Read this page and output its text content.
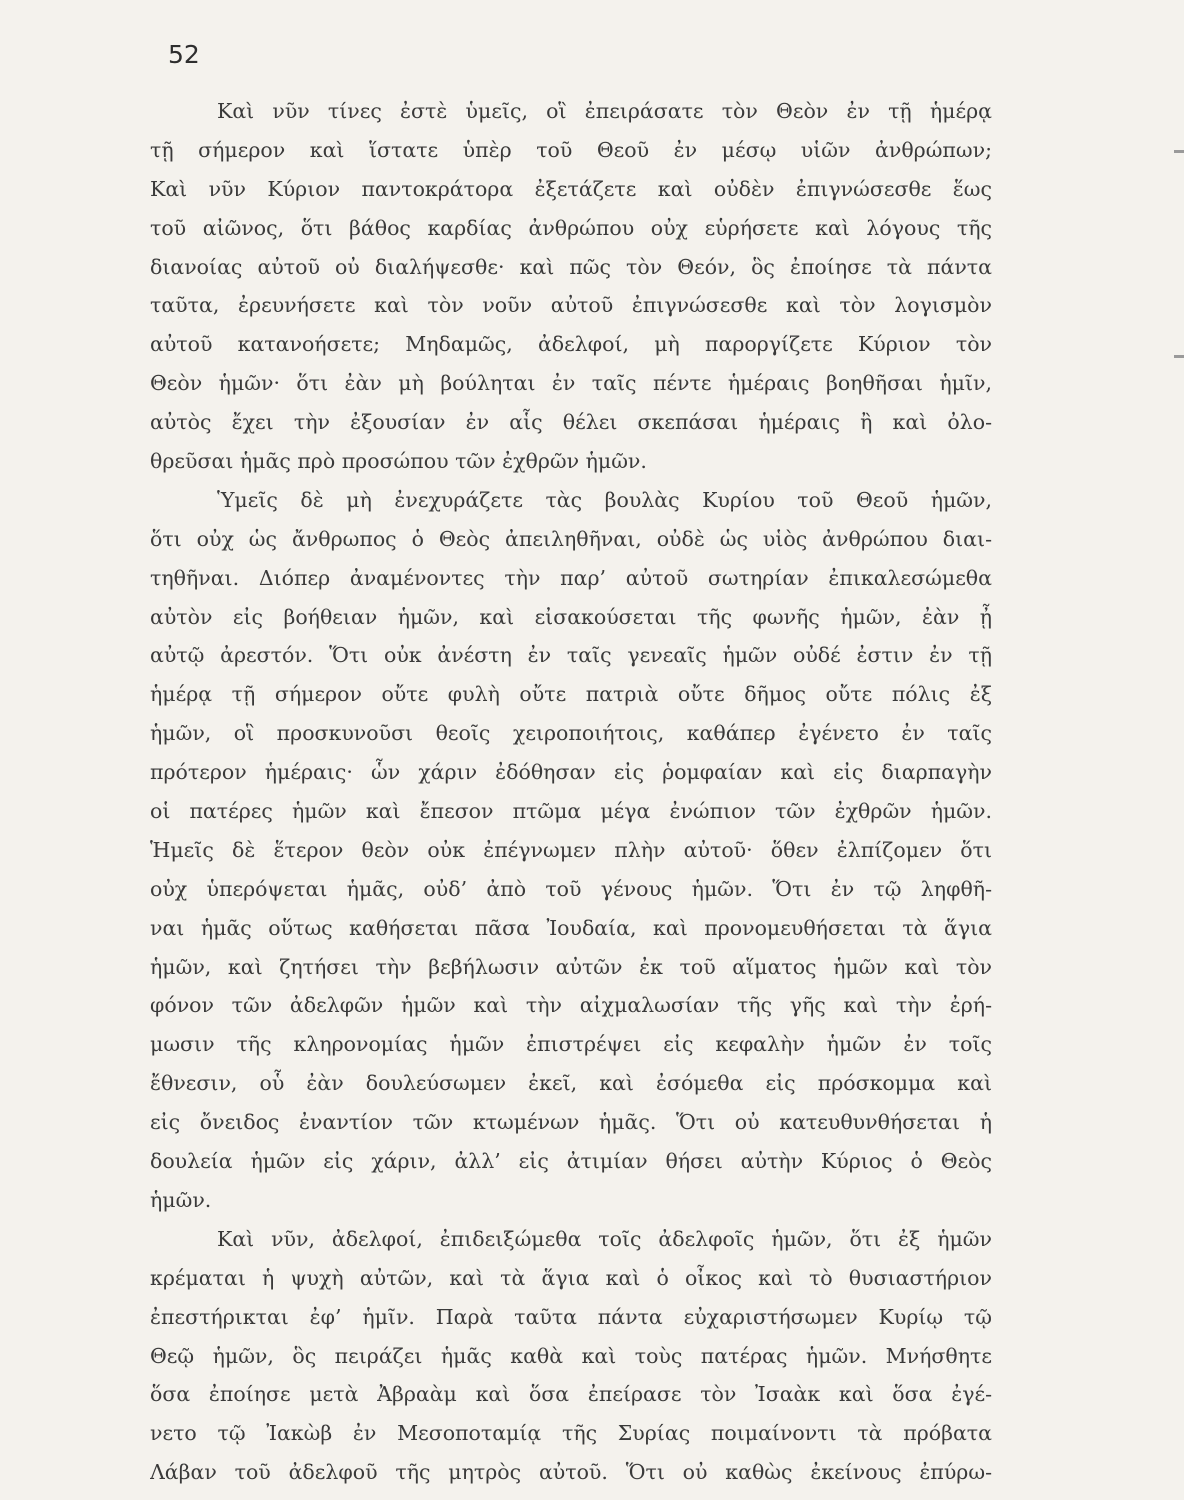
52
Καὶ νῦν τίνες ἐστὲ ὑμεῖς, οἳ ἐπειράσατε τὸν Θεὸν ἐν τῇ ἡμέρᾳ
τῇ σήμερον καὶ ἵστατε ὑπὲρ τοῦ Θεοῦ ἐν μέσῳ υἱῶν ἀνθρώπων;
Καὶ νῦν Κύριον παντοκράτορα ἐξετάζετε καὶ οὐδὲν ἐπιγνώσεσθε ἕως
τοῦ αἰῶνος, ὅτι βάθος καρδίας ἀνθρώπου οὐχ εὑρήσετε καὶ λόγους τῆς
διανοίας αὐτοῦ οὐ διαλήψεσθε· καὶ πῶς τὸν Θεόν, ὃς ἐποίησε τὰ πάντα
ταῦτα, ἐρευνήσετε καὶ τὸν νοῦν αὐτοῦ ἐπιγνώσεσθε καὶ τὸν λογισμὸν
αὐτοῦ κατανοήσετε; Μηδαμῶς, ἀδελφοί, μὴ παροργίζετε Κύριον τὸν
Θεὸν ἡμῶν· ὅτι ἐὰν μὴ βούληται ἐν ταῖς πέντε ἡμέραις βοηθῆσαι ἡμῖν,
αὐτὸς ἔχει τὴν ἐξουσίαν ἐν αἷς θέλει σκεπάσαι ἡμέραις ἢ καὶ ὀλο-
θρεῦσαι ἡμᾶς πρὸ προσώπου τῶν ἐχθρῶν ἡμῶν.
Ὑμεῖς δὲ μὴ ἐνεχυράζετε τὰς βουλὰς Κυρίου τοῦ Θεοῦ ἡμῶν,
ὅτι οὐχ ὡς ἄνθρωπος ὁ Θεὸς ἀπειληθῆναι, οὐδὲ ὡς υἱὸς ἀνθρώπου διαι-
τηθῆναι. Διόπερ ἀναμένοντες τὴν παρ’ αὐτοῦ σωτηρίαν ἐπικαλεσώμεθα
αὐτὸν εἰς βοήθειαν ἡμῶν, καὶ εἰσακούσεται τῆς φωνῆς ἡμῶν, ἐὰν ᾖ
αὐτῷ ἀρεστόν. Ὅτι οὐκ ἀνέστη ἐν ταῖς γενεαῖς ἡμῶν οὐδέ ἐστιν ἐν τῇ
ἡμέρᾳ τῇ σήμερον οὔτε φυλὴ οὔτε πατριὰ οὔτε δῆμος οὔτε πόλις ἐξ
ἡμῶν, οἳ προσκυνοῦσι θεοῖς χειροποιήτοις, καθάπερ ἐγένετο ἐν ταῖς
πρότερον ἡμέραις· ὧν χάριν ἐδόθησαν εἰς ῥομφαίαν καὶ εἰς διαρπαγὴν
οἱ πατέρες ἡμῶν καὶ ἔπεσον πτῶμα μέγα ἐνώπιον τῶν ἐχθρῶν ἡμῶν.
Ἡμεῖς δὲ ἕτερον θεὸν οὐκ ἐπέγνωμεν πλὴν αὐτοῦ· ὅθεν ἐλπίζομεν ὅτι
οὐχ ὑπερόψεται ἡμᾶς, οὐδ’ ἀπὸ τοῦ γένους ἡμῶν. Ὅτι ἐν τῷ ληφθῆ-
ναι ἡμᾶς οὕτως καθήσεται πᾶσα Ἰουδαία, καὶ προνομευθήσεται τὰ ἅγια
ἡμῶν, καὶ ζητήσει τὴν βεβήλωσιν αὐτῶν ἐκ τοῦ αἵματος ἡμῶν καὶ τὸν
φόνον τῶν ἀδελφῶν ἡμῶν καὶ τὴν αἰχμαλωσίαν τῆς γῆς καὶ τὴν ἐρή-
μωσιν τῆς κληρονομίας ἡμῶν ἐπιστρέψει εἰς κεφαλὴν ἡμῶν ἐν τοῖς
ἔθνεσιν, οὗ ἐὰν δουλεύσωμεν ἐκεῖ, καὶ ἐσόμεθα εἰς πρόσκομμα καὶ
εἰς ὄνειδος ἐναντίον τῶν κτωμένων ἡμᾶς. Ὅτι οὐ κατευθυνθήσεται ἡ
δουλεία ἡμῶν εἰς χάριν, ἀλλ’ εἰς ἀτιμίαν θήσει αὐτὴν Κύριος ὁ Θεὸς
ἡμῶν.
Καὶ νῦν, ἀδελφοί, ἐπιδειξώμεθα τοῖς ἀδελφοῖς ἡμῶν, ὅτι ἐξ ἡμῶν
κρέμαται ἡ ψυχὴ αὐτῶν, καὶ τὰ ἅγια καὶ ὁ οἶκος καὶ τὸ θυσιαστήριον
ἐπεστήρικται ἐφ’ ἡμῖν. Παρὰ ταῦτα πάντα εὐχαριστήσωμεν Κυρίῳ τῷ
Θεῷ ἡμῶν, ὃς πειράζει ἡμᾶς καθὰ καὶ τοὺς πατέρας ἡμῶν. Μνήσθητε
ὅσα ἐποίησε μετὰ Ἀβραὰμ καὶ ὅσα ἐπείρασε τὸν Ἰσαὰκ καὶ ὅσα ἐγέ-
νετο τῷ Ἰακὼβ ἐν Μεσοποταμίᾳ τῆς Συρίας ποιμαίνοντι τὰ πρόβατα
Λάβαν τοῦ ἀδελφοῦ τῆς μητρὸς αὐτοῦ. Ὅτι οὐ καθὼς ἐκείνους ἐπύρω-
